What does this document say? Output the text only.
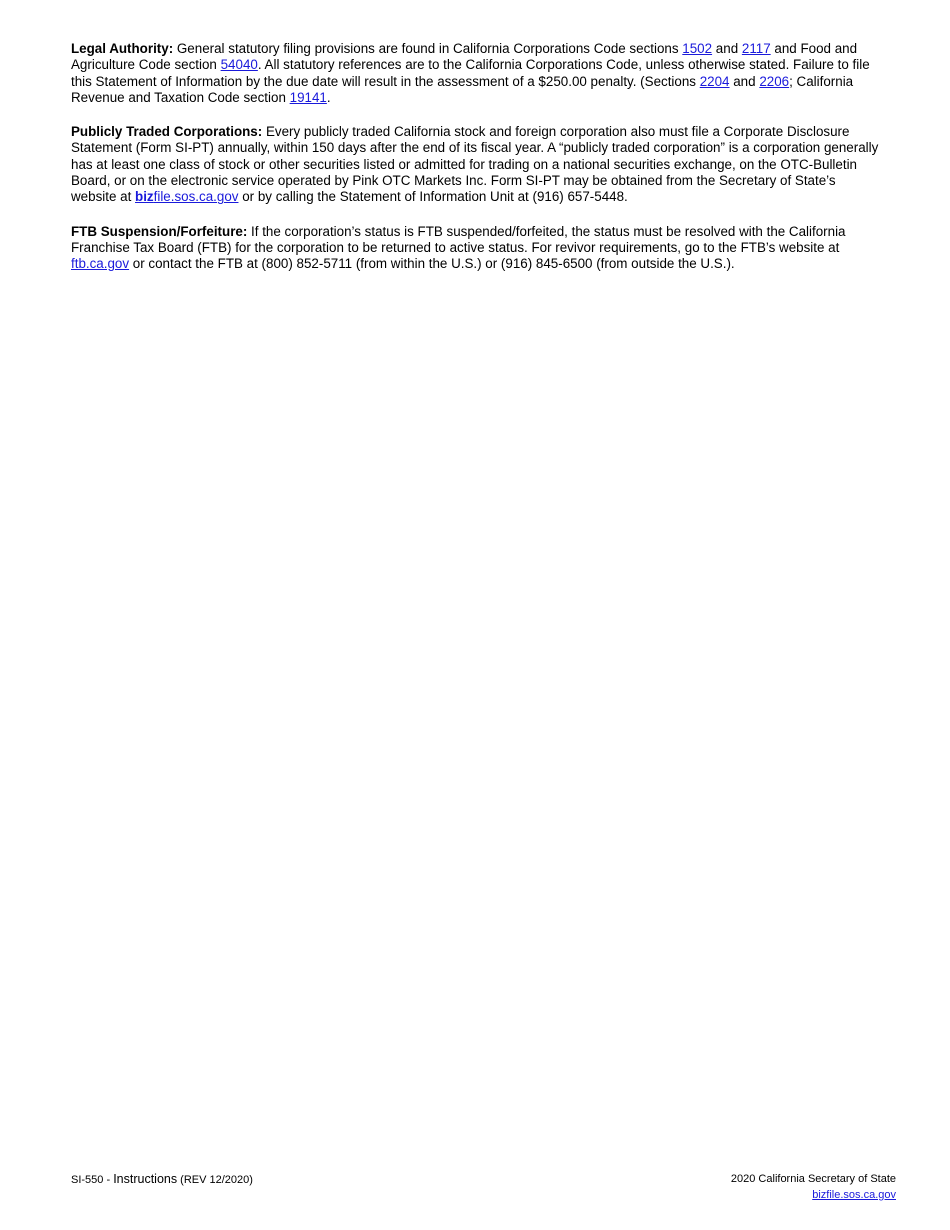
Legal Authority: General statutory filing provisions are found in California Corporations Code sections 1502 and 2117 and Food and Agriculture Code section 54040. All statutory references are to the California Corporations Code, unless otherwise stated. Failure to file this Statement of Information by the due date will result in the assessment of a $250.00 penalty. (Sections 2204 and 2206; California Revenue and Taxation Code section 19141.

Publicly Traded Corporations: Every publicly traded California stock and foreign corporation also must file a Corporate Disclosure Statement (Form SI-PT) annually, within 150 days after the end of its fiscal year. A “publicly traded corporation” is a corporation generally has at least one class of stock or other securities listed or admitted for trading on a national securities exchange, on the OTC-Bulletin Board, or on the electronic service operated by Pink OTC Markets Inc. Form SI-PT may be obtained from the Secretary of State’s website at bizfile.sos.ca.gov or by calling the Statement of Information Unit at (916) 657-5448.

FTB Suspension/Forfeiture: If the corporation’s status is FTB suspended/forfeited, the status must be resolved with the California Franchise Tax Board (FTB) for the corporation to be returned to active status. For revivor requirements, go to the FTB’s website at ftb.ca.gov or contact the FTB at (800) 852-5711 (from within the U.S.) or (916) 845-6500 (from outside the U.S.).

SI-550 - Instructions (REV 12/2020)	2020 California Secretary of State
bizfile.sos.ca.gov
